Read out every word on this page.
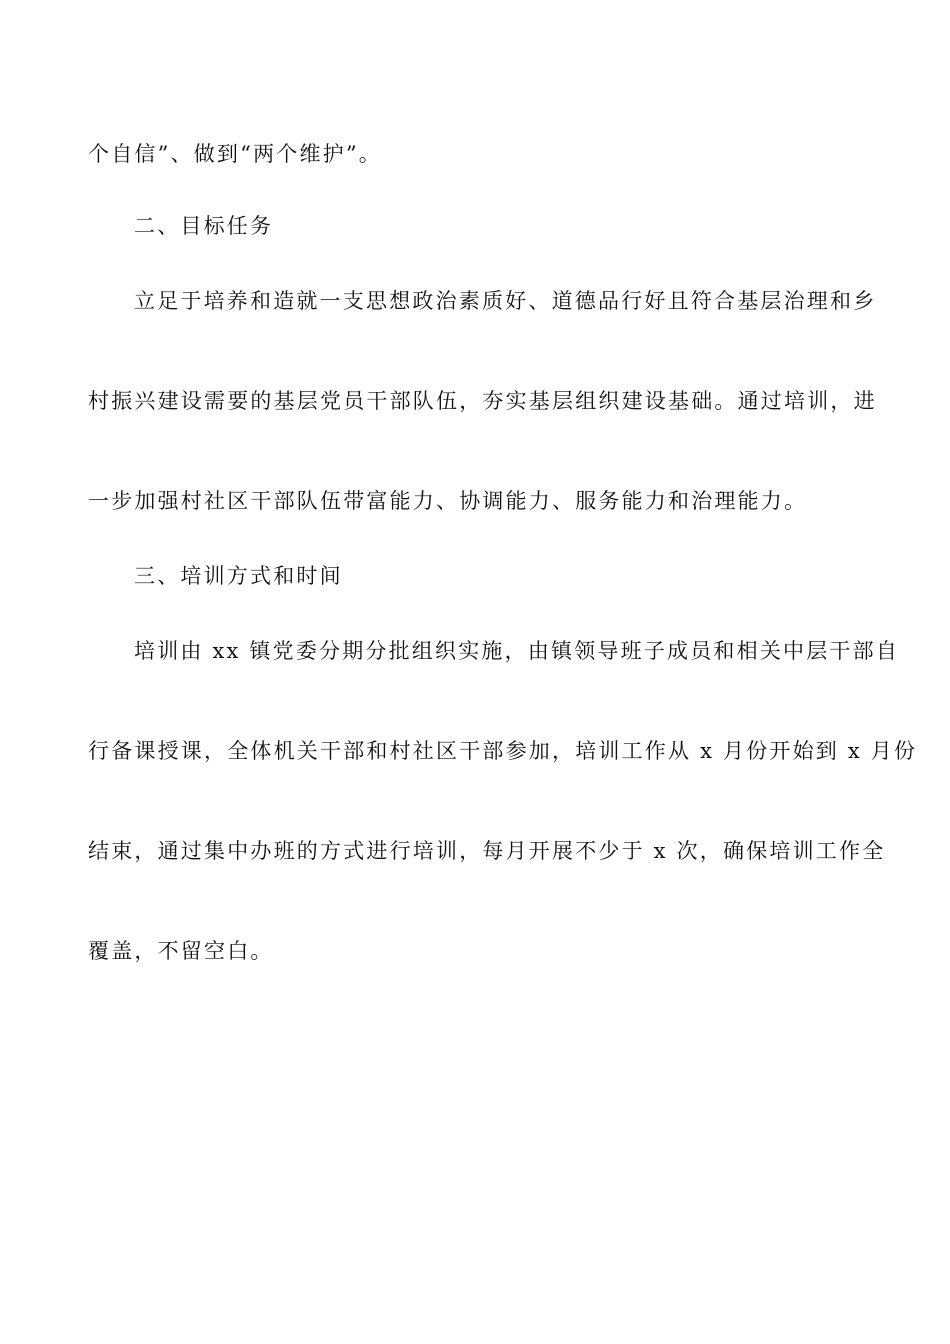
个自信”、做到“两个维护”。
二、目标任务
立足于培养和造就一支思想政治素质好、道德品行好且符合基层治理和乡
村振兴建设需要的基层党员干部队伍，夯实基层组织建设基础。通过培训，进
一步加强村社区干部队伍带富能力、协调能力、服务能力和治理能力。
三、培训方式和时间
培训由 xx 镇党委分期分批组织实施，由镇领导班子成员和相关中层干部自
行备课授课，全体机关干部和村社区干部参加，培训工作从 x 月份开始到 x 月份
结束，通过集中办班的方式进行培训，每月开展不少于 x 次，确保培训工作全
覆盖，不留空白。
